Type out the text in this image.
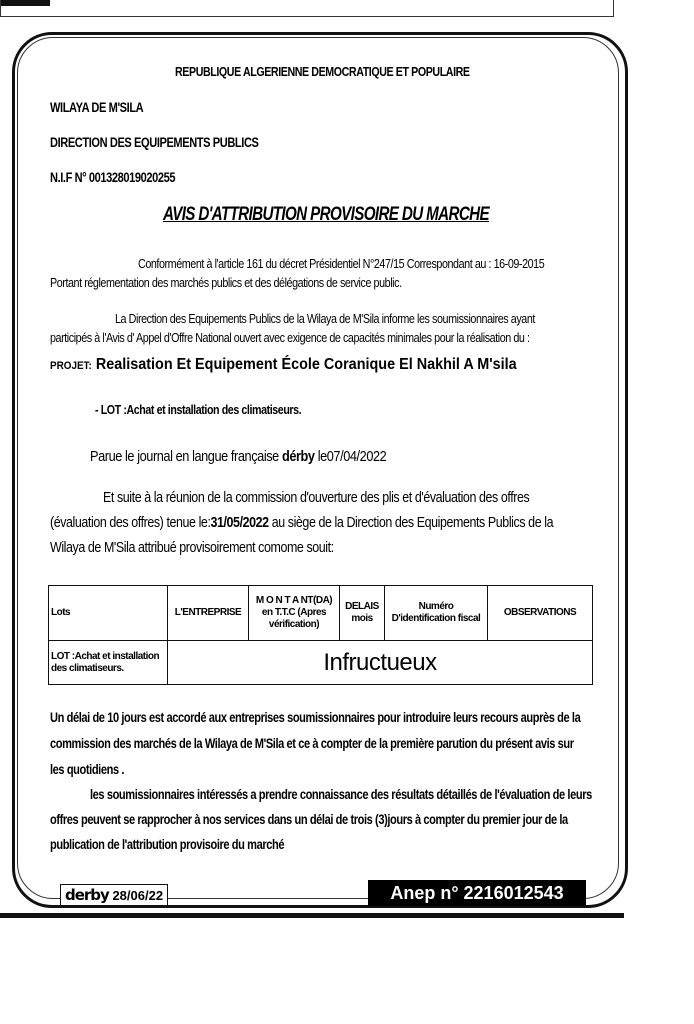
REPUBLIQUE ALGERIENNE DEMOCRATIQUE ET POPULAIRE
WILAYA DE M'SILA
DIRECTION DES EQUIPEMENTS PUBLICS
N.I.F N° 001328019020255
AVIS D'ATTRIBUTION PROVISOIRE DU MARCHE
Conformément à l'article 161 du décret Présidentiel N°247/15 Correspondant au : 16-09-2015
Portant réglementation des marchés publics et des délégations de service public.
La Direction des Equipements Publics de la Wilaya de M'Sila informe les soumissionnaires ayant
participés à l'Avis d' Appel d'Offre National ouvert avec exigence de capacités minimales pour la réalisation du :
PROJET: Realisation Et Equipement École Coranique El Nakhil A M'sila
- LOT :Achat et installation des climatiseurs.
Parue le journal en langue française dérby le07/04/2022
Et suite à la réunion de la commission d'ouverture des plis et d'évaluation des offres
(évaluation des offres) tenue le:31/05/2022 au siège de la Direction des Equipements Publics de la
Wilaya de M'Sila attribué provisoirement comome souit:
Lots	L'ENTREPRISE	M O N T A NT(DA) en T.T.C (Apres vérification)	DELAIS mois	Numéro D'identification fiscal	OBSERVATIONS
LOT :Achat et installation des climatiseurs.	Infructueux				
Un délai de 10 jours est accordé aux entreprises soumissionnaires pour introduire leurs recours auprès de la
commission des marchés de la Wilaya de M'Sila et ce à compter de la première parution du présent avis sur
les quotidiens .
les soumissionnaires intéressés a prendre connaissance des résultats détaillés de l'évaluation de leurs
offres peuvent se rapprocher à nos services dans un délai de trois (3)jours à compter du premier jour de la
publication de l'attribution provisoire du marché
derby 28/06/22	Anep n° 2216012543
